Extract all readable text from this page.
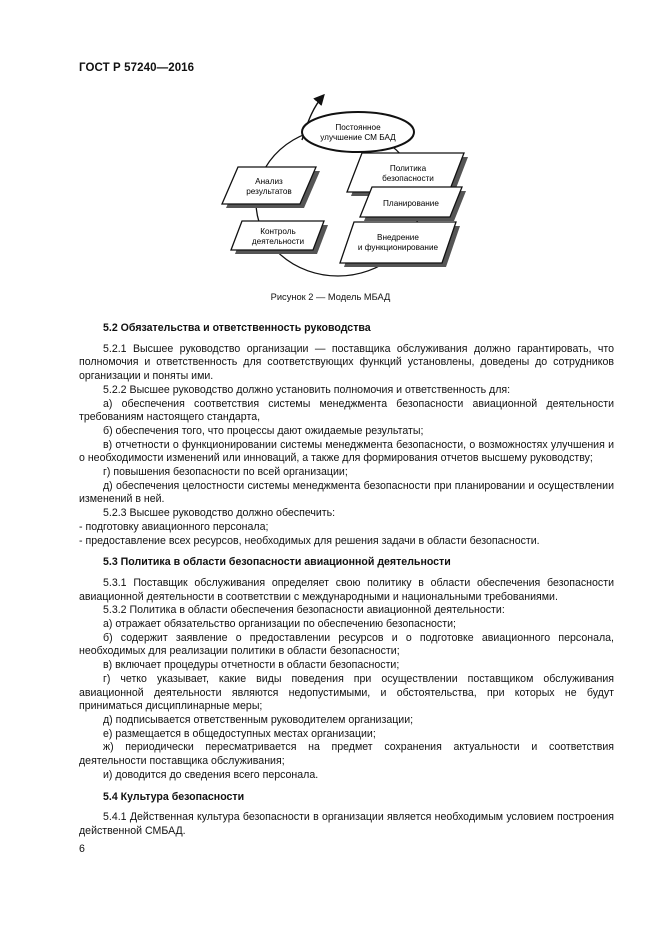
ГОСТ Р 57240—2016
Постоянное
улучшение СМ БАД
Анализ
результатов
Контроль
деятельности
Политика
безопасности
Планирование
Внедрение
и функционирование
Рисунок 2 — Модель МБАД

5.2 Обязательства и ответственность руководства

5.2.1 Высшее руководство организации — поставщика обслуживания должно гарантировать, что полномочия и ответственность для соответствующих функций установлены, доведены до сотрудников организации и поняты ими.

5.2.2 Высшее руководство должно установить полномочия и ответственность для:

а) обеспечения соответствия системы менеджмента безопасности авиационной деятельности требованиям настоящего стандарта,

б) обеспечения того, что процессы дают ожидаемые результаты;

в) отчетности о функционировании системы менеджмента безопасности, о возможностях улучшения и о необходимости изменений или инноваций, а также для формирования отчетов высшему руководству;

г) повышения безопасности по всей организации;

д) обеспечения целостности системы менеджмента безопасности при планировании и осуществлении изменений в ней.

5.2.3 Высшее руководство должно обеспечить:

- подготовку авиационного персонала;

- предоставление всех ресурсов, необходимых для решения задачи в области безопасности.

5.3 Политика в области безопасности авиационной деятельности

5.3.1 Поставщик обслуживания определяет свою политику в области обеспечения безопасности авиационной деятельности в соответствии с международными и национальными требованиями.

5.3.2 Политика в области обеспечения безопасности авиационной деятельности:

а) отражает обязательство организации по обеспечению безопасности;

б) содержит заявление о предоставлении ресурсов и о подготовке авиационного персонала, необходимых для реализации политики в области безопасности;

в) включает процедуры отчетности в области безопасности;

г) четко указывает, какие виды поведения при осуществлении поставщиком обслуживания авиационной деятельности являются недопустимыми, и обстоятельства, при которых не будут приниматься дисциплинарные меры;

д) подписывается ответственным руководителем организации;

е) размещается в общедоступных местах организации;

ж) периодически пересматривается на предмет сохранения актуальности и соответствия деятельности поставщика обслуживания;

и) доводится до сведения всего персонала.

5.4 Культура безопасности

5.4.1 Действенная культура безопасности в организации является необходимым условием построения действенной СМБАД.

6
